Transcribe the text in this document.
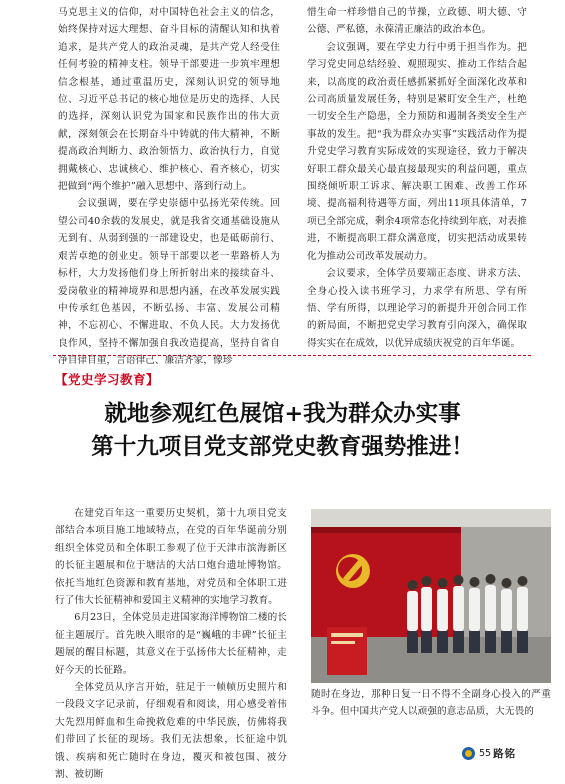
马克思主义的信仰，对中国特色社会主义的信念，始终保持对远大理想、奋斗目标的清醒认知和执着追求，是共产党人的政治灵魂，是共产党人经受住任何考验的精神支柱。领导干部要进一步筑牢理想信念根基，通过重温历史，深刻认识党的领导地位、习近平总书记的核心地位是历史的选择、人民的选择，深刻认识党为国家和民族作出的伟大贡献，深刻领会在长期奋斗中铸就的伟大精神，不断提高政治判断力、政治领悟力、政治执行力，自觉拥戴核心、忠诚核心、维护核心、看齐核心，切实把做到“两个维护”融入思想中、落到行动上。

会议强调，要在学史崇德中弘扬光荣传统。回望公司40余载的发展史，就是我省交通基础设施从无到有、从弱到强的一部建设史，也是砥砺前行、艰苦卓绝的创业史。领导干部要以老一辈路桥人为标杆，大力发扬他们身上所折射出来的接续奋斗、爱岗敬业的精神境界和思想内涵，在改革发展实践中传承红色基因，不断弘扬、丰富、发展公司精神，不忘初心、不懈进取、不负人民。大力发扬优良作风，坚持不懈加强自我改造提高，坚持自省自净自律自重，言语律己、廉洁齐家，像珍

惜生命一样珍惜自己的节操，立政德、明大德、守公德、严私德，永葆清正廉洁的政治本色。

会议强调，要在学史力行中勇于担当作为。把学习党史同总结经验、观照现实、推动工作结合起来，以高度的政治责任感抓紧抓好全面深化改革和公司高质量发展任务，特别是紧盯安全生产，杜绝一切安全生产隐患，全力预防和遏制各类安全生产事故的发生。把“我为群众办实事”实践活动作为提升党史学习教育实际成效的实现途径，致力于解决好职工群众最关心最直接最现实的利益问题，重点围绕倾听职工诉求、解决职工困难、改善工作环境、提高福利待遇等方面，列出11项具体清单，7项已全部完成，剩余4项常态化持续到年底，对表推进，不断提高职工群众满意度，切实把活动成果转化为推动公司改革发展动力。

会议要求，全体学员要端正态度、讲求方法、全身心投入读书班学习，力求学有所思、学有所悟、学有所得，以理论学习的新提升开创合同工作的新局面，不断把党史学习教育引向深入，确保取得实实在在成效，以优异成绩庆祝党的百年华诞。

【党史学习教育】
就地参观红色展馆+我为群众办实事
第十九项目党支部党史教育强势推进！

在建党百年这一重要历史契机，第十九项目党支部结合本项目施工地域特点，在党的百年华诞前分别组织全体党员和全体职工参观了位于天津市滨海新区的长征主题展和位于塘沽的大沽口炮台遗址博物馆。依托当地红色资源和教育基地，对党员和全体职工进行了伟大长征精神和爱国主义精神的实地学习教育。

6月23日，全体党员走进国家海洋博物馆二楼的长征主题展厅。首先映入眼帘的是“巍峨的丰碑”长征主题展的醒目标题，其意义在于弘扬伟大长征精神，走好今天的长征路。

全体党员从序言开始，驻足于一帧帧历史照片和一段段文字记录前，仔细观看和阅读，用心感受着伟大先烈用鲜血和生命挽救危难的中华民族，仿佛将我们带回了长征的现场。我们无法想象，长征途中饥饿、疾病和死亡随时在身边，覆灭和被包围、被分割、被切断

随时在身边，那种日复一日不得不全副身心投入的严重斗争。但中国共产党人以顽强的意志品质，大无畏的

55 路铭
